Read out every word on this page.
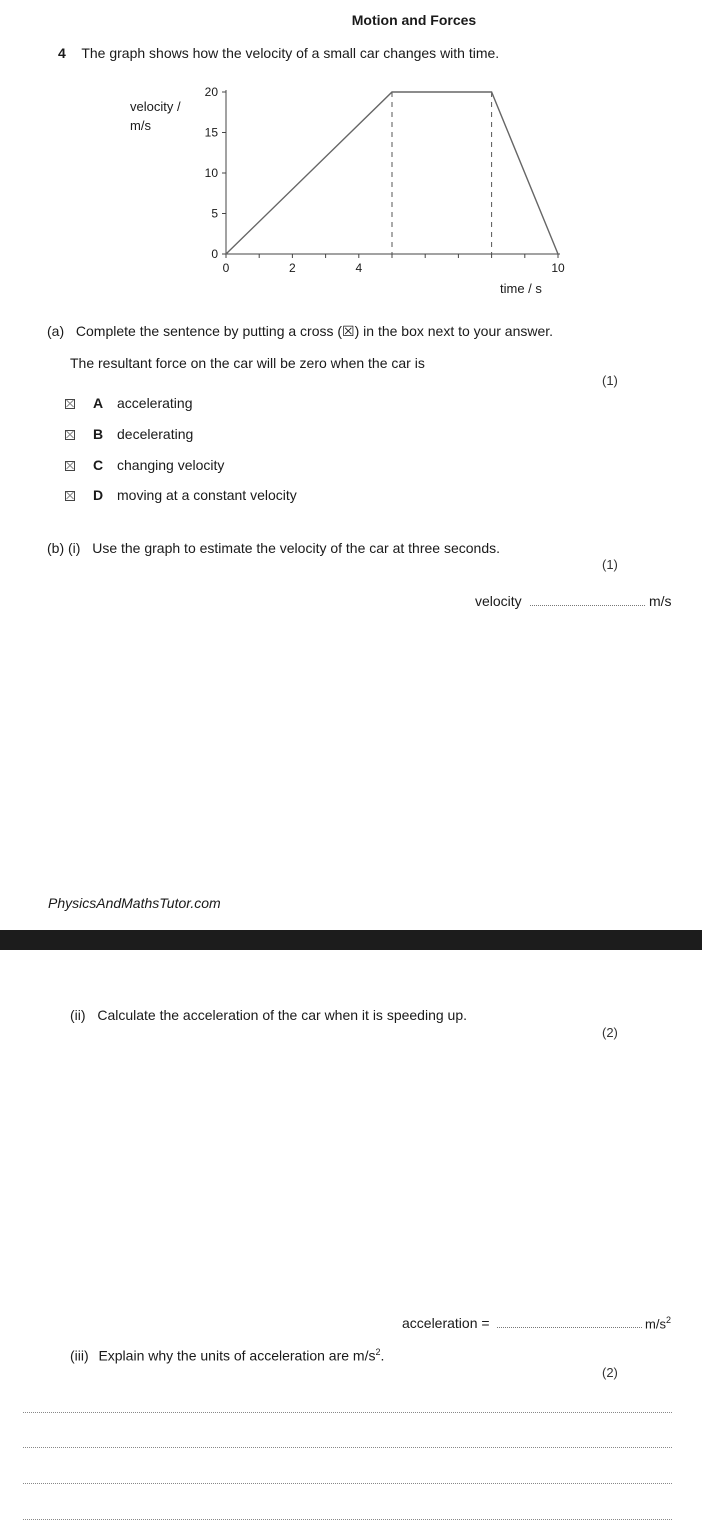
Motion and Forces
4 The graph shows how the velocity of a small car changes with time.
0
5
10
15
20
0	2	4	10
velocity /
m/s
time / s
(a) Complete the sentence by putting a cross (☒) in the box next to your answer.
The resultant force on the car will be zero when the car is
(1)
A accelerating
B decelerating
C changing velocity
D moving at a constant velocity
(b) (i) Use the graph to estimate the velocity of the car at three seconds.
(1)
velocity	m/s
PhysicsAndMathsTutor.com
(ii) Calculate the acceleration of the car when it is speeding up.
(2)
acceleration =	$m/s^2$
(iii) Explain why the units of acceleration are $m/s^2$.
(2)
